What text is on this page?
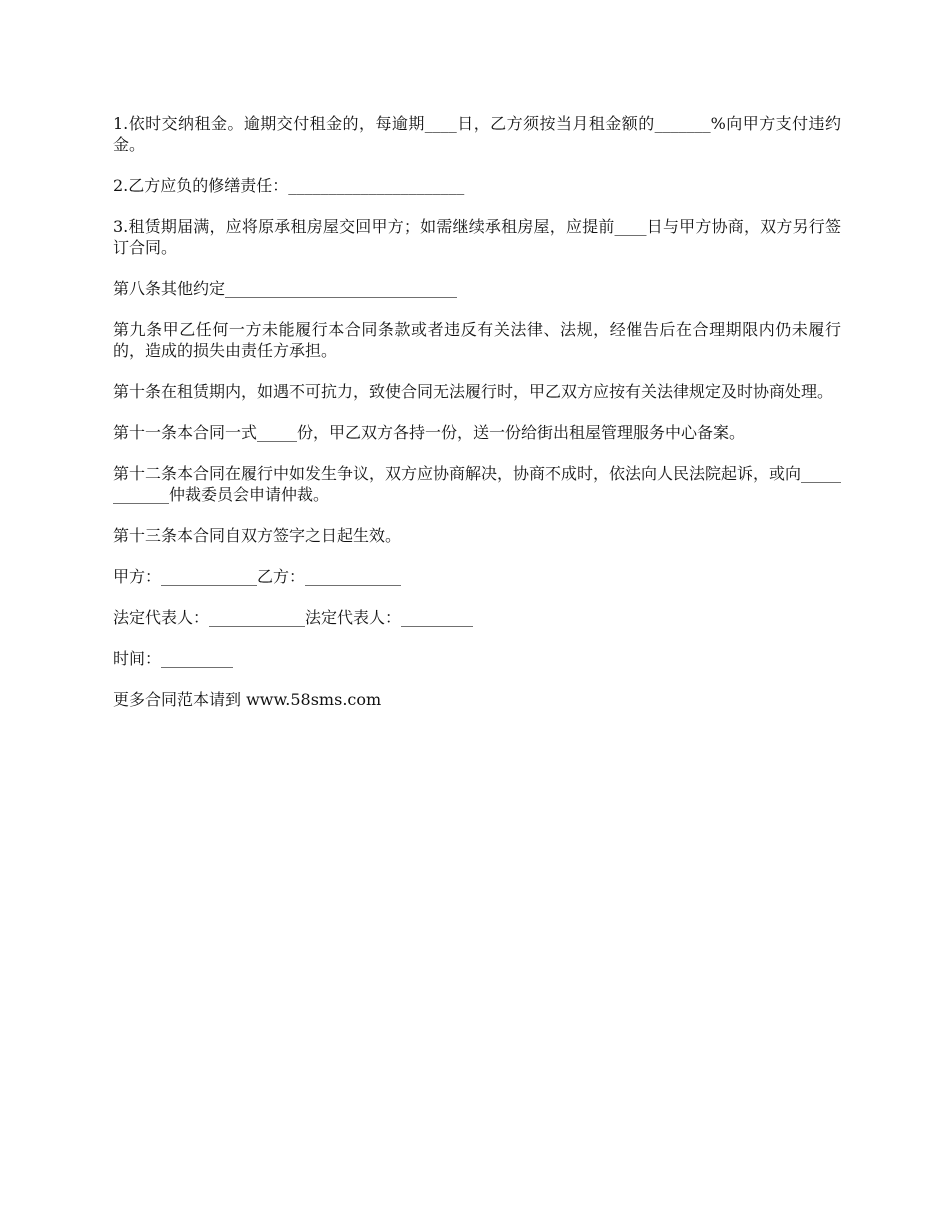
1.依时交纳租金。逾期交付租金的，每逾期____日，乙方须按当月租金额的_______%向甲方支付违约金。

2.乙方应负的修缮责任：______________________

3.租赁期届满，应将原承租房屋交回甲方；如需继续承租房屋，应提前____日与甲方协商，双方另行签订合同。

第八条其他约定_____________________________

第九条甲乙任何一方未能履行本合同条款或者违反有关法律、法规，经催告后在合理期限内仍未履行的，造成的损失由责任方承担。

第十条在租赁期内，如遇不可抗力，致使合同无法履行时，甲乙双方应按有关法律规定及时协商处理。

第十一条本合同一式_____份，甲乙双方各持一份，送一份给街出租屋管理服务中心备案。

第十二条本合同在履行中如发生争议，双方应协商解决，协商不成时，依法向人民法院起诉，或向____________仲裁委员会申请仲裁。

第十三条本合同自双方签字之日起生效。

甲方：____________乙方：____________

法定代表人：____________法定代表人：_________

时间：_________

更多合同范本请到 www.58sms.com
